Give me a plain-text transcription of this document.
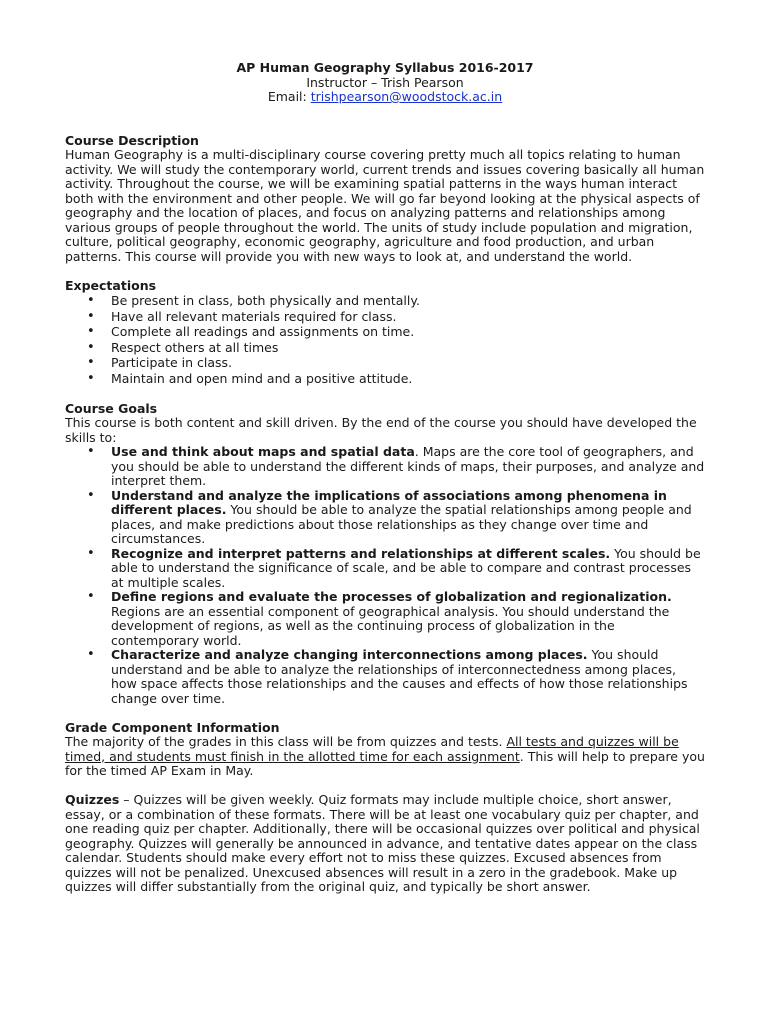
AP Human Geography Syllabus 2016-2017

Instructor – Trish Pearson

Email: trishpearson@woodstock.ac.in

Course Description

Human Geography is a multi-disciplinary course covering pretty much all topics relating to human activity. We will study the contemporary world, current trends and issues covering basically all human activity. Throughout the course, we will be examining spatial patterns in the ways human interact both with the environment and other people. We will go far beyond looking at the physical aspects of geography and the location of places, and focus on analyzing patterns and relationships among various groups of people throughout the world. The units of study include population and migration, culture, political geography, economic geography, agriculture and food production, and urban patterns. This course will provide you with new ways to look at, and understand the world.

Expectations

• Be present in class, both physically and mentally.
• Have all relevant materials required for class.
• Complete all readings and assignments on time.
• Respect others at all times
• Participate in class.
• Maintain and open mind and a positive attitude.

Course Goals

This course is both content and skill driven. By the end of the course you should have developed the skills to:

• Use and think about maps and spatial data. Maps are the core tool of geographers, and you should be able to understand the different kinds of maps, their purposes, and analyze and interpret them.
• Understand and analyze the implications of associations among phenomena in different places. You should be able to analyze the spatial relationships among people and places, and make predictions about those relationships as they change over time and circumstances.
• Recognize and interpret patterns and relationships at different scales. You should be able to understand the significance of scale, and be able to compare and contrast processes at multiple scales.
• Define regions and evaluate the processes of globalization and regionalization. Regions are an essential component of geographical analysis. You should understand the development of regions, as well as the continuing process of globalization in the contemporary world.
• Characterize and analyze changing interconnections among places. You should understand and be able to analyze the relationships of interconnectedness among places, how space affects those relationships and the causes and effects of how those relationships change over time.

Grade Component Information

The majority of the grades in this class will be from quizzes and tests. All tests and quizzes will be timed, and students must finish in the allotted time for each assignment. This will help to prepare you for the timed AP Exam in May.

Quizzes – Quizzes will be given weekly. Quiz formats may include multiple choice, short answer, essay, or a combination of these formats. There will be at least one vocabulary quiz per chapter, and one reading quiz per chapter. Additionally, there will be occasional quizzes over political and physical geography. Quizzes will generally be announced in advance, and tentative dates appear on the class calendar. Students should make every effort not to miss these quizzes. Excused absences from quizzes will not be penalized. Unexcused absences will result in a zero in the gradebook. Make up quizzes will differ substantially from the original quiz, and typically be short answer.
